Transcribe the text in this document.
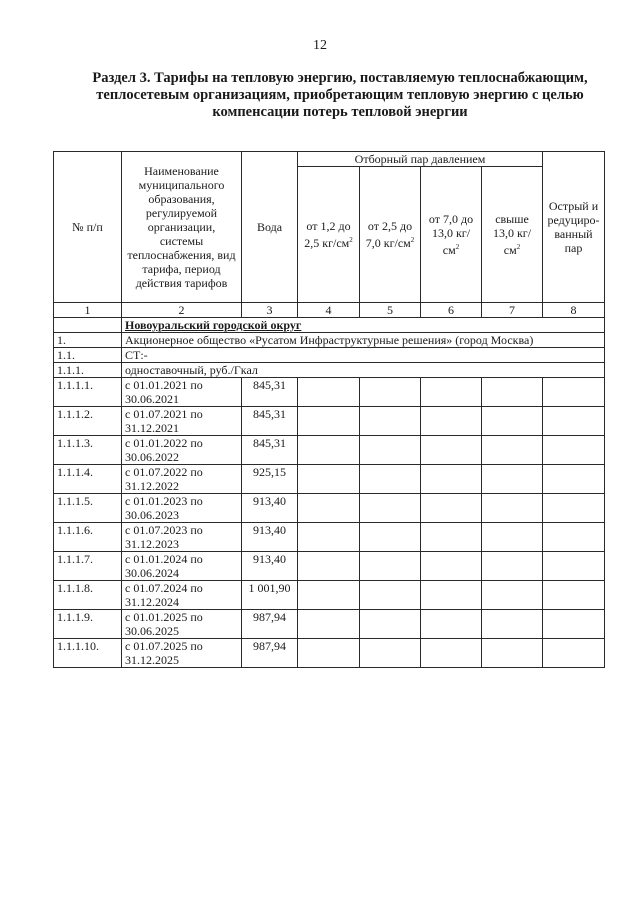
12
Раздел 3. Тарифы на тепловую энергию, поставляемую теплоснабжающим, теплосетевым организациям, приобретающим тепловую энергию с целью компенсации потерь тепловой энергии
№ п/п	Наименование муниципального образования, регулируемой организации, системы теплоснабжения, вид тарифа, период действия тарифов	Вода	Отборный пар давлением				Острый и редуциро-ванный пар
			от 1,2 до 2,5 $кг/см^2$	от 2,5 до 7,0 $кг/см^2$	от 7,0 до 13,0 $кг/см^2$	свыше 13,0 $кг/см^2$
1	2	3	4	5	6	7	8
	Новоуральский городской округ						
1.	Акционерное общество «Русатом Инфраструктурные решения» (город Москва)						
1.1.	СТ:-						
1.1.1.	одноставочный, руб./Гкал						
1.1.1.1.	с 01.01.2021 по 30.06.2021	845,31					
1.1.1.2.	с 01.07.2021 по 31.12.2021	845,31					
1.1.1.3.	с 01.01.2022 по 30.06.2022	845,31					
1.1.1.4.	с 01.07.2022 по 31.12.2022	925,15					
1.1.1.5.	с 01.01.2023 по 30.06.2023	913,40					
1.1.1.6.	с 01.07.2023 по 31.12.2023	913,40					
1.1.1.7.	с 01.01.2024 по 30.06.2024	913,40					
1.1.1.8.	с 01.07.2024 по 31.12.2024	1 001,90					
1.1.1.9.	с 01.01.2025 по 30.06.2025	987,94					
1.1.1.10.	с 01.07.2025 по 31.12.2025	987,94					
